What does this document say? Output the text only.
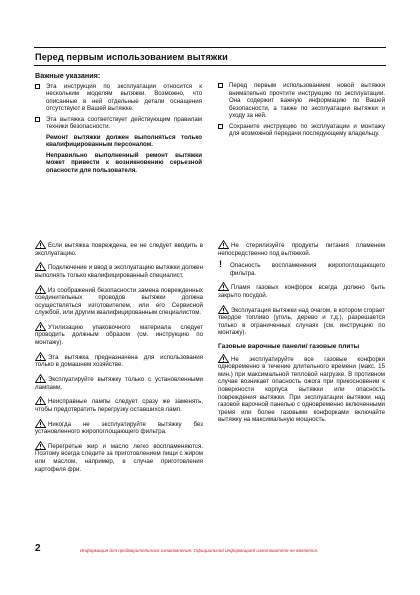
Перед первым использованием вытяжки
Важные указания:
Эта инструкция по эксплуатации относится к нескольким моделям вытяжки. Возможно, что описанные в ней отдельные детали оснащения отсутствуют в Вашей вытяжке.
Эта вытяжка соответствует действующим правилам техники безопасности.
Ремонт вытяжки должен выполняться только квалифицированным персоналом.
Неправильно выполненный ремонт вытяжки может привести к возникновению серьезной опасности для пользователя.
Перед первым использованием новой вытяжки внимательно прочтите инструкцию по эксплуатации. Она содержит важную информацию по Вашей безопасности, а также по эксплуатации вытяжки и уходу за ней.
Сохраните инструкцию по эксплуатации и монтажу для возможной передачи последующему владельцу.
Если вытяжка повреждена, ее не следует вводить в эксплуатацию.
Подключение и ввод в эксплуатацию вытяжки должен выполнять только квалифицированный специалист.
Из соображений безопасности замена поврежденных соединительных проводов вытяжки должна осуществляться изготовителем, или его Сервисной службой, или другим квалифицированным специалистом.
Утилизацию упаковочного материала следует проводить должным образом (см. инструкцию по монтажу).
Эта вытяжка предназначена для использования только в домашнем хозяйстве.
Эксплуатируйте вытяжку только с установленными лампами.
Неисправные лампы следует сразу же заменять, чтобы предотвратить перегрузку оставшихся ламп.
Никогда не эксплуатируйте вытяжку без установленного жиропоглощающего фильтра.
Перегретые жир и масло легко воспламеняются. Поэтому всегда следите за приготовлением пищи с жиром или маслом, например, в случае приготовления картофеля фри.
Не стерилизуйте продукты питания пламенем непосредственно под вытяжкой.
!	Опасность воспламенения жиропоглощающего фильтра.
Пламя газовых конфорок всегда должно быть закрыто посудой.
Эксплуатация вытяжки над очагом, в котором сгорает твердое топливо (уголь, дерево и т.д.), разрешается только в ограниченных случаях (см. инструкцию по монтажу).
Газовые варочные панели/ газовые плиты
Не эксплуатируйте все газовые конфорки одновременно в течение длительного времени (макс. 15 мин.) при максимальной тепловой нагрузке. В противном случае возникает опасность ожога при прикосновении к поверхности корпуса вытяжки или опасность повреждения вытяжки. При эксплуатации вытяжки над газовой варочной панелью с одновременно включенными тремя или более газовыми конфорками включайте вытяжку на максимальную мощность.
2	Информация для предварительного ознакомления. Официальной информацией изготовителя не является.
